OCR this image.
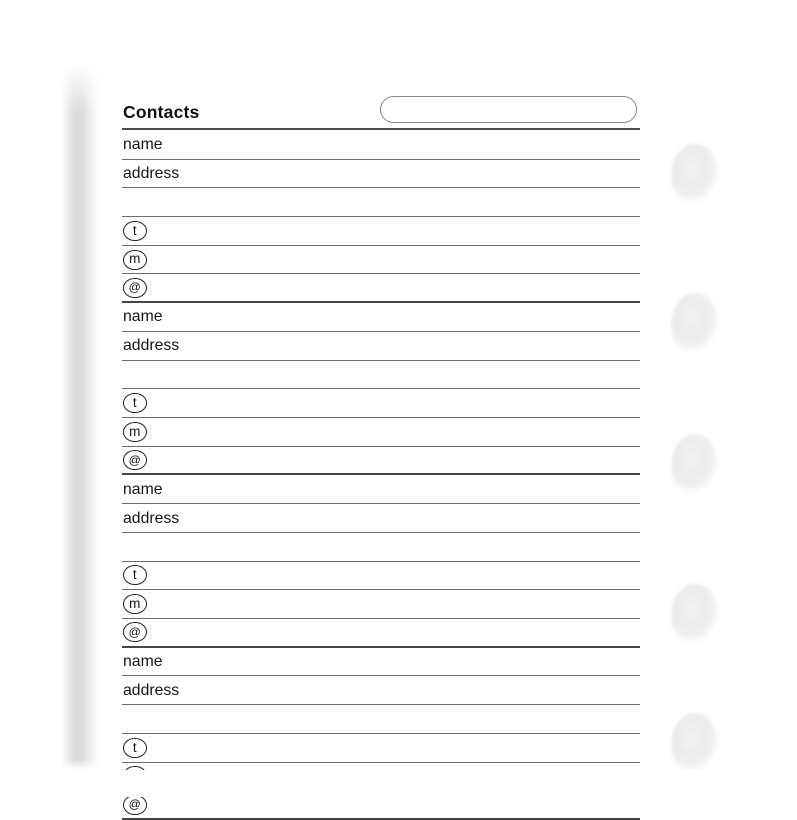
Contacts
name
address
t
m
@
name
address
t
m
@
name
address
t
m
@
name
address
t
@
